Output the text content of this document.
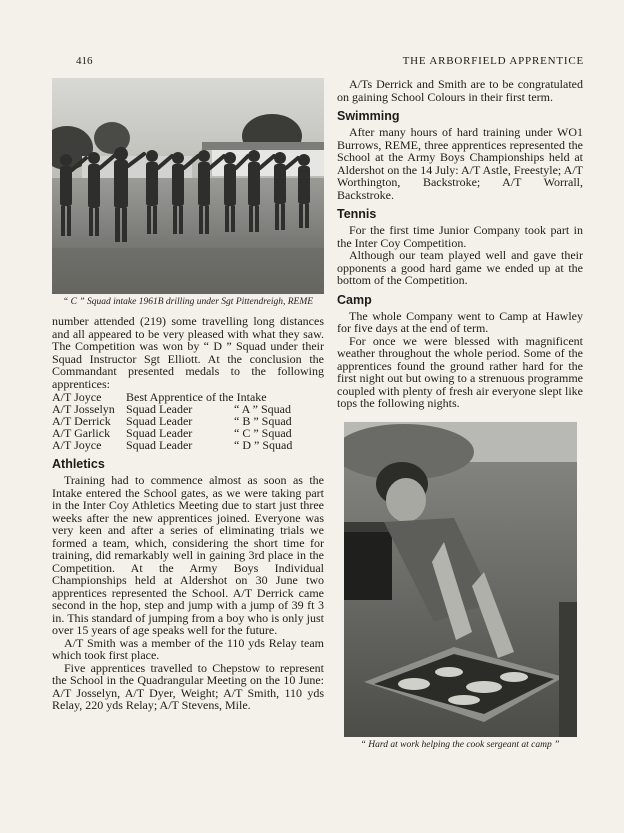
416	THE ARBORFIELD APPRENTICE
“ C ” Squad intake 1961B drilling under Sgt Pittendreigh, REME

number attended (219) some travelling long distances and all appeared to be very pleased with what they saw. The Competition was won by “ D ” Squad under their Squad Instructor Sgt Elliott. At the conclusion the Commandant presented medals to the following apprentices:

A/T Joyce	Best Apprentice of the Intake	
A/T Josselyn	Squad Leader	“ A ” Squad
A/T Derrick	Squad Leader	“ B ” Squad
A/T Garlick	Squad Leader	“ C ” Squad
A/T Joyce	Squad Leader	“ D ” Squad
Athletics

Training had to commence almost as soon as the Intake entered the School gates, as we were taking part in the Inter Coy Athletics Meeting due to start just three weeks after the new apprentices joined. Everyone was very keen and after a series of eliminating trials we formed a team, which, considering the short time for training, did remarkably well in gaining 3rd place in the Competition. At the Army Boys Individual Championships held at Aldershot on 30 June two apprentices represented the School. A/T Derrick came second in the hop, step and jump with a jump of 39 ft 3 in. This standard of jumping from a boy who is only just over 15 years of age speaks well for the future.

A/T Smith was a member of the 110 yds Relay team which took first place.

Five apprentices travelled to Chepstow to represent the School in the Quadrangular Meeting on the 10 June: A/T Josselyn, A/T Dyer, Weight; A/T Smith, 110 yds Relay, 220 yds Relay; A/T Stevens, Mile.

A/Ts Derrick and Smith are to be congratulated on gaining School Colours in their first term.

Swimming

After many hours of hard training under WO1 Burrows, REME, three apprentices represented the School at the Army Boys Championships held at Aldershot on the 14 July: A/T Astle, Freestyle; A/T Worthington, Backstroke; A/T Worrall, Backstroke.

Tennis

For the first time Junior Company took part in the Inter Coy Competition.

Although our team played well and gave their opponents a good hard game we ended up at the bottom of the Competition.

Camp

The whole Company went to Camp at Hawley for five days at the end of term.

For once we were blessed with magnificent weather throughout the whole period. Some of the apprentices found the ground rather hard for the first night out but owing to a strenuous programme coupled with plenty of fresh air everyone slept like tops the following nights.

“ Hard at work helping the cook sergeant at camp ”
